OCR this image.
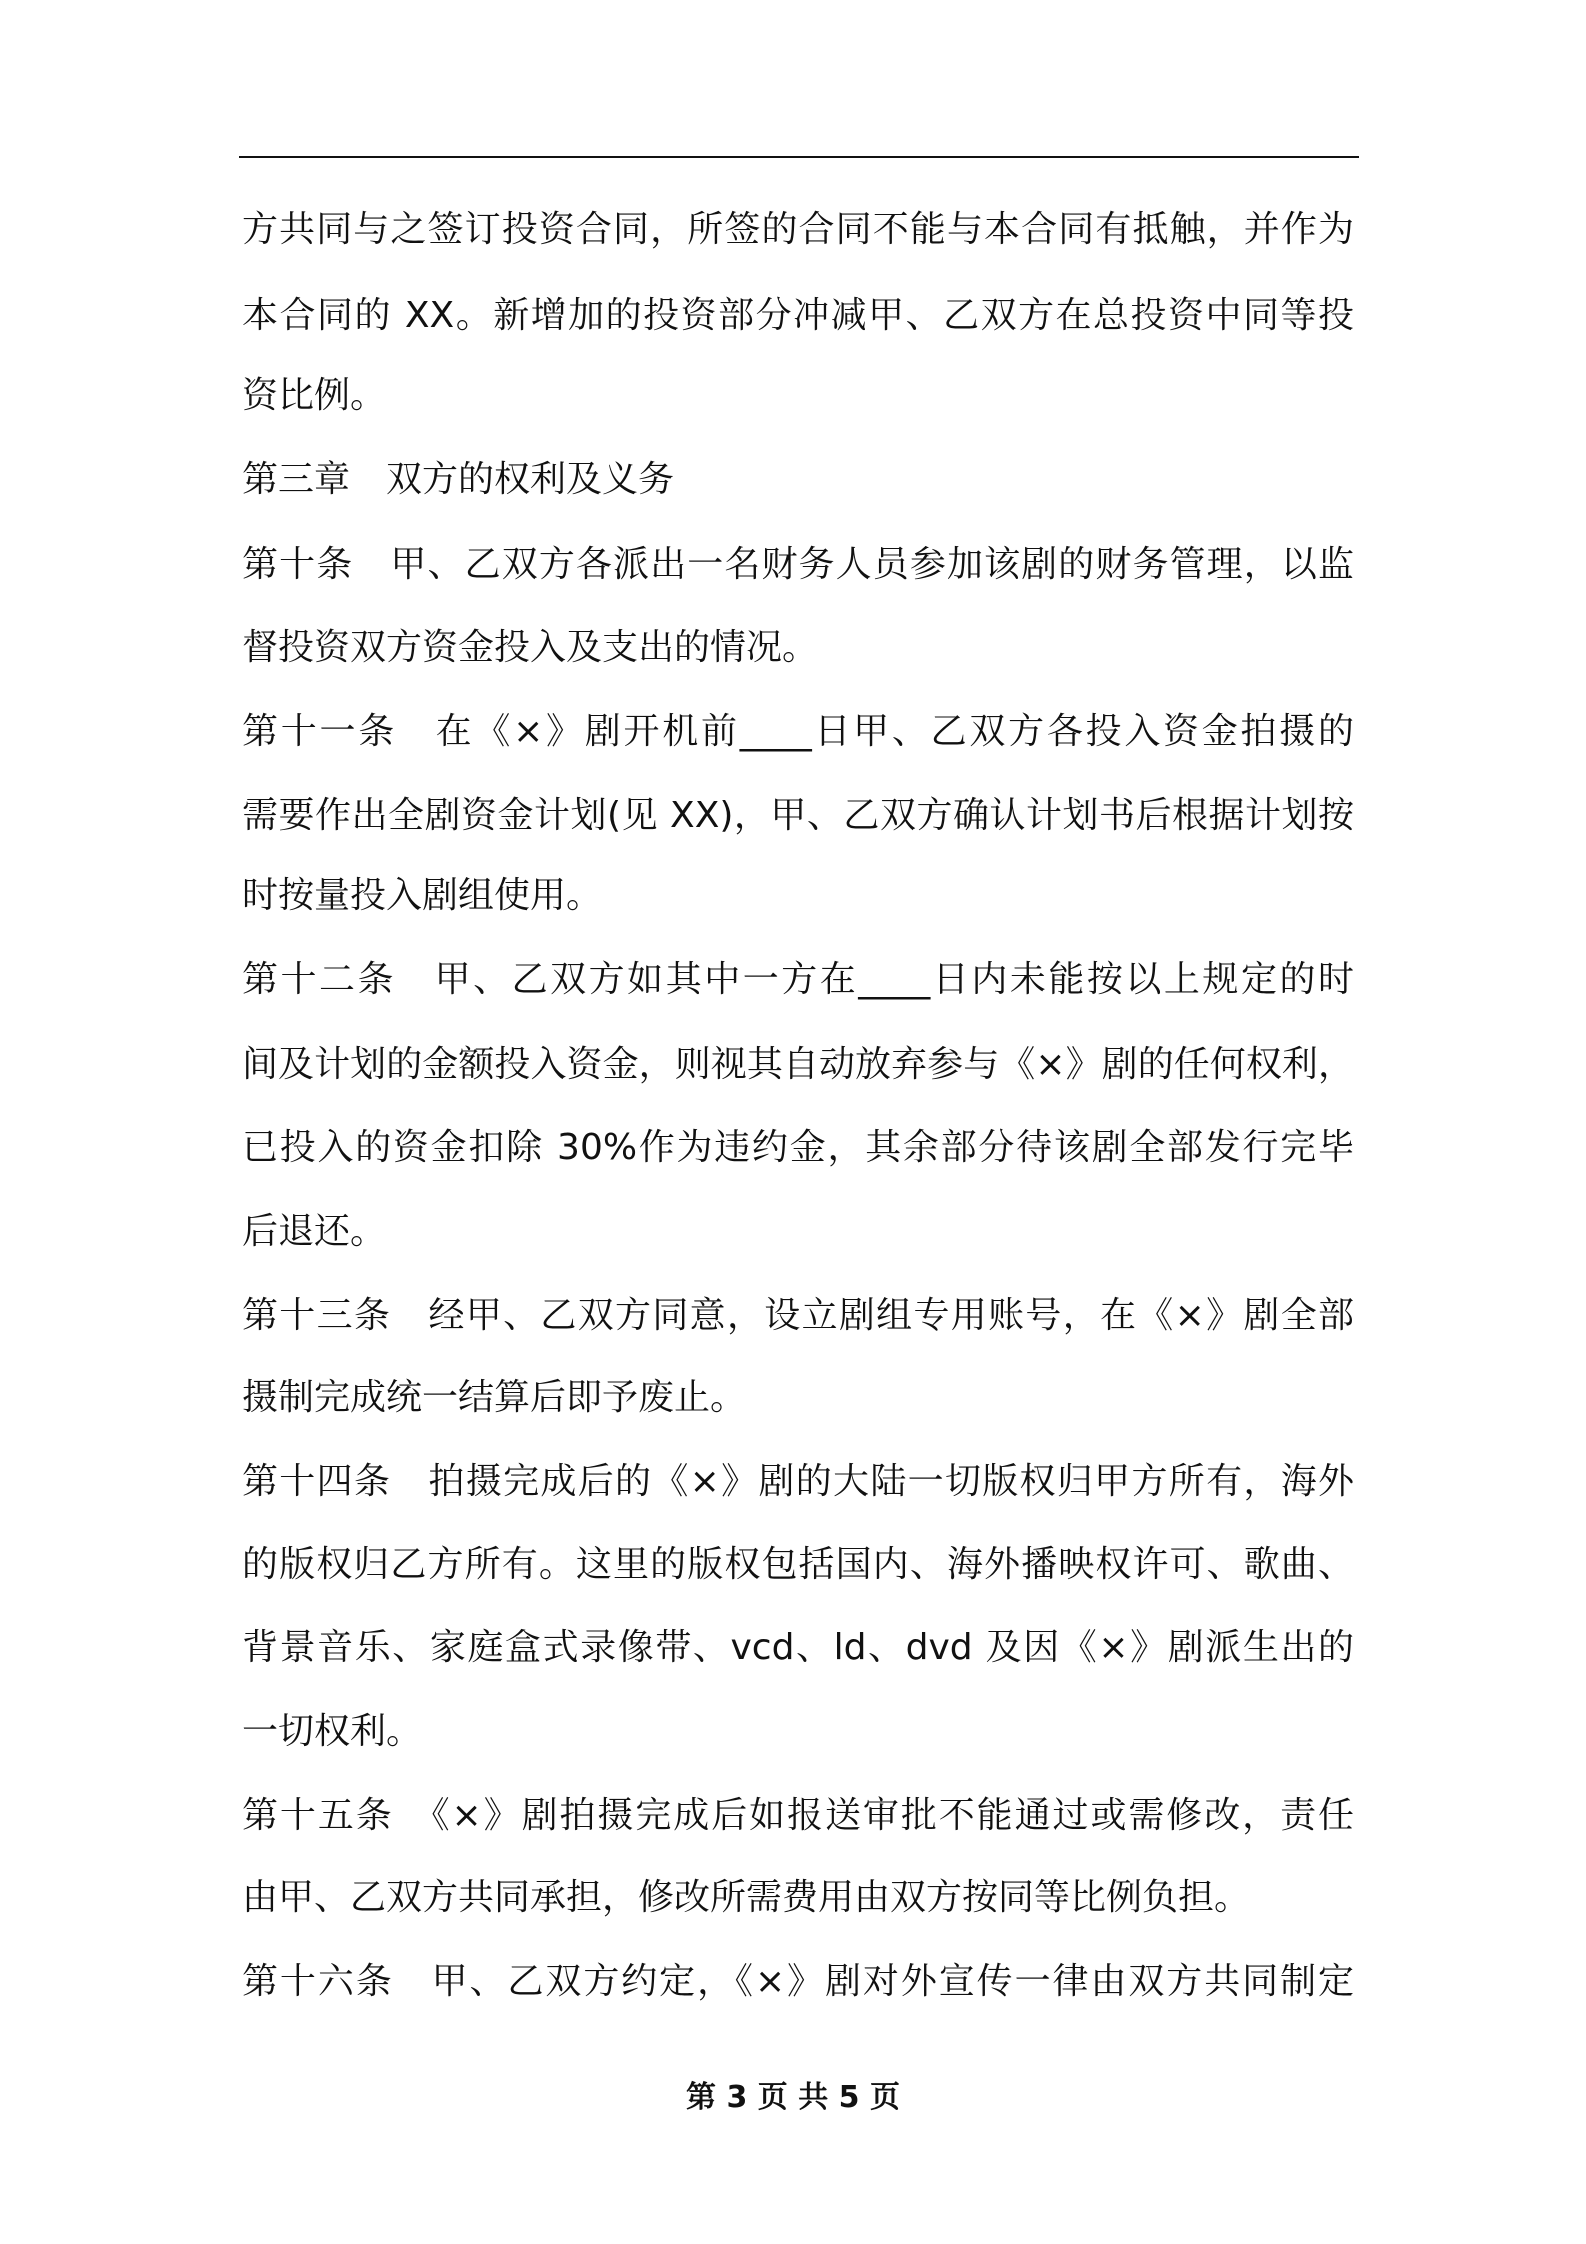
方共同与之签订投资合同，所签的合同不能与本合同有抵触，并作为
本合同的 XX。新增加的投资部分冲减甲、乙双方在总投资中同等投
资比例。
第三章　双方的权利及义务
第十条　甲、乙双方各派出一名财务人员参加该剧的财务管理，以监
督投资双方资金投入及支出的情况。
第十一条　在《×》剧开机前____日甲、乙双方各投入资金拍摄的
需要作出全剧资金计划(见 XX)，甲、乙双方确认计划书后根据计划按
时按量投入剧组使用。
第十二条　甲、乙双方如其中一方在____日内未能按以上规定的时
间及计划的金额投入资金，则视其自动放弃参与《×》剧的任何权利，
已投入的资金扣除 30%作为违约金，其余部分待该剧全部发行完毕
后退还。
第十三条　经甲、乙双方同意，设立剧组专用账号，在《×》剧全部
摄制完成统一结算后即予废止。
第十四条　拍摄完成后的《×》剧的大陆一切版权归甲方所有，海外
的版权归乙方所有。这里的版权包括国内、海外播映权许可、歌曲、
背景音乐、家庭盒式录像带、vcd、ld、dvd 及因《×》剧派生出的
一切权利。
第十五条　《×》剧拍摄完成后如报送审批不能通过或需修改，责任
由甲、乙双方共同承担，修改所需费用由双方按同等比例负担。
第十六条　甲、乙双方约定，《×》剧对外宣传一律由双方共同制定
第 3 页 共 5 页
